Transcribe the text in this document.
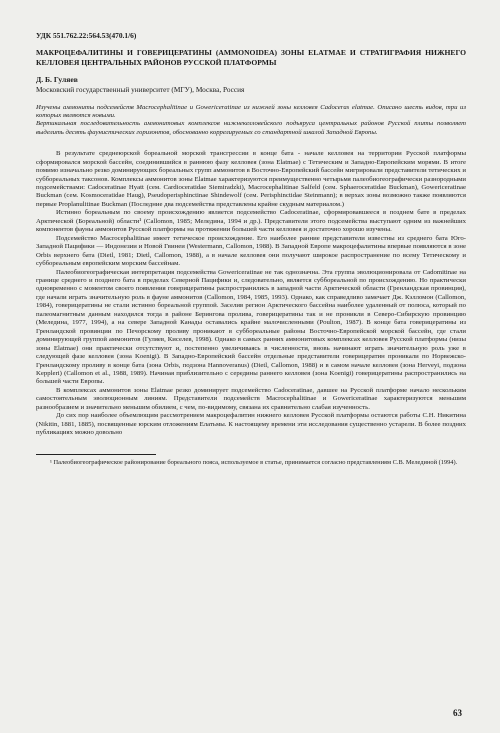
УДК 551.762.22:564.53(470.1/6)
МАКРОЦЕФАЛИТИНЫ И ГОВЕРИЦЕРАТИНЫ (AMMONOIDEA) ЗОНЫ ELATMAE И СТРАТИГРАФИЯ НИЖНЕГО КЕЛЛОВЕЯ ЦЕНТРАЛЬНЫХ РАЙОНОВ РУССКОЙ ПЛАТФОРМЫ
Д. Б. Гуляев
Московский государственный университет (МГУ), Москва, Россия

Изучены аммониты подсемейств Macrocephalitinae и Gowericeratinae из нижней зоны келловея Cadoceras elatmae. Описано шесть видов, три из которых являются новыми.

Вертикальная последовательность аммонитовых комплексов нижнекелловейского подъяруса центральных районов Русской плиты позволяет выделить десять фаунистических горизонтов, обоснованно коррелируемых со стандартной шкалой Западной Европы.

В результате среднеюрской бореальной морской трансгрессии в конце бата - начале келловея на территории Русской платформы сформировался морской бассейн, соединившийся в раннюю фазу келловея (зона Elatmae) с Тетическим и Западно-Европейским морями. В итоге помимо изначально резко доминирующих бореальных групп аммонитов в Восточно-Европейский бассейн мигрировали представители тетических и суббореальных таксонов. Комплексы аммонитов зоны Elatmae характеризуются преимущественно четырьмя палеобиогеографически разнородными подсемействами: Cadoceratinae Hyatt (сем. Cardioceratidae Siemiradzki), Macrocephalitinae Salfeld (сем. Sphaeroceratidae Buckman), Gowericeratinae Buckman (сем. Kosmoceratidae Haug), Pseudoperisphinctinae Shindewolf (сем. Perisphinctidae Steinmann); в верхах зоны возможно также появляются первые Proplanulitinae Buckman (Последние два подсемейства представлены крайне скудным материалом.)

Истинно бореальным по своему происхождению является подсемейство Cadoceratinae, сформировавшееся в позднем бате в пределах Арктической (Бореальной) области¹ (Callomon, 1985; Меледина, 1994 и др.). Представители этого подсемейства выступают одним из важнейших компонентов фауны аммонитов Русской платформы на протяжении большей части келловея и достаточно хорошо изучены.

Подсемейство Macrocephalitinae имеет тетическое происхождение. Его наиболее ранние представители известны из среднего бата Юго-Западной Пацифики — Индонезии и Новой Гвинеи (Westermann, Callomon, 1988). В Западной Европе макроцефалитины впервые появляются в зоне Orbis верхнего бата (Dietl, 1981; Dietl, Callomon, 1988), а в начале келловея они получают широкое распространение по всему Тетическому и суббореальным европейским морским бассейнам.

Палеобиогеографическая интерпретация подсемейства Gowericeratinae не так однозначна. Эта группа эволюционировала от Cadomitinae на границе среднего и позднего бата в пределах Северной Пацифики и, следовательно, является суббореальной по происхождению. Но практически одновременно с моментом своего появления говерицератины распространились в западной части Арктической области (Гренландская провинция), где начали играть значительную роль в фауне аммонитов (Callomon, 1984, 1985, 1993). Однако, как справедливо замечает Дж. Кэлломон (Callomon, 1984), говерицератины не стали истинно бореальной группой. Заселив регион Арктического бассейна наиболее удаленный от полюса, который по палеомагнитным данным находился тогда в районе Берингова пролива, говерицератины так и не проникли в Северо-Сибирскую провинцию (Меледина, 1977, 1994), а на севере Западной Канады оставались крайне малочисленными (Poulton, 1987). В конце бата говерицератины из Гренландской провинции по Печорскому проливу проникают в суббореальные районы Восточно-Европейской морской бассейн, где стали доминирующей группой аммонитов (Гуляев, Киселев, 1998). Однако в самых ранних аммонитовых комплексах келловея Русской платформы (низы зоны Elatmae) они практически отсутствуют и, постепенно увеличиваясь в численности, вновь начинают играть значительную роль уже в следующей фазе келловея (зона Koenigi). В Западно-Европейский бассейн отдельные представители говерицератин проникали по Норвежско-Гренландскому проливу в конце бата (зона Orbis, подзона Hannoveranus) (Dietl, Callomon, 1988) и в самом начале келловея (зона Herveyi, подзона Keppleri) (Callomon et al., 1988, 1989). Начиная приблизительно с середины раннего келловея (зона Koenigi) говерицератины распространились на большей части Европы.

В комплексах аммонитов зоны Elatmae резко доминирует подсемейство Cadoceratinae, давшее на Русской платформе начало нескольким самостоятельным эволюционным линиям. Представители подсемейств Macrocephalitinae и Gowericeratinae характеризуются меньшим разнообразием и значительно меньшим обилием, с чем, по-видимому, связана их сравнительно слабая изученность.

До сих пор наиболее объемлющим рассмотрением макроцефалитин нижнего келловея Русской платформы остаются работы С.Н. Никитина (Nikitin, 1881, 1885), посвященные юрским отложениям Елатьмы. К настоящему времени эти исследования существенно устарели. В более поздних публикациях можно довольно

¹ Палеобиогеографическое районирование бореального пояса, используемое в статье, принимается согласно представлениям С.В. Мелединой (1994).

63
